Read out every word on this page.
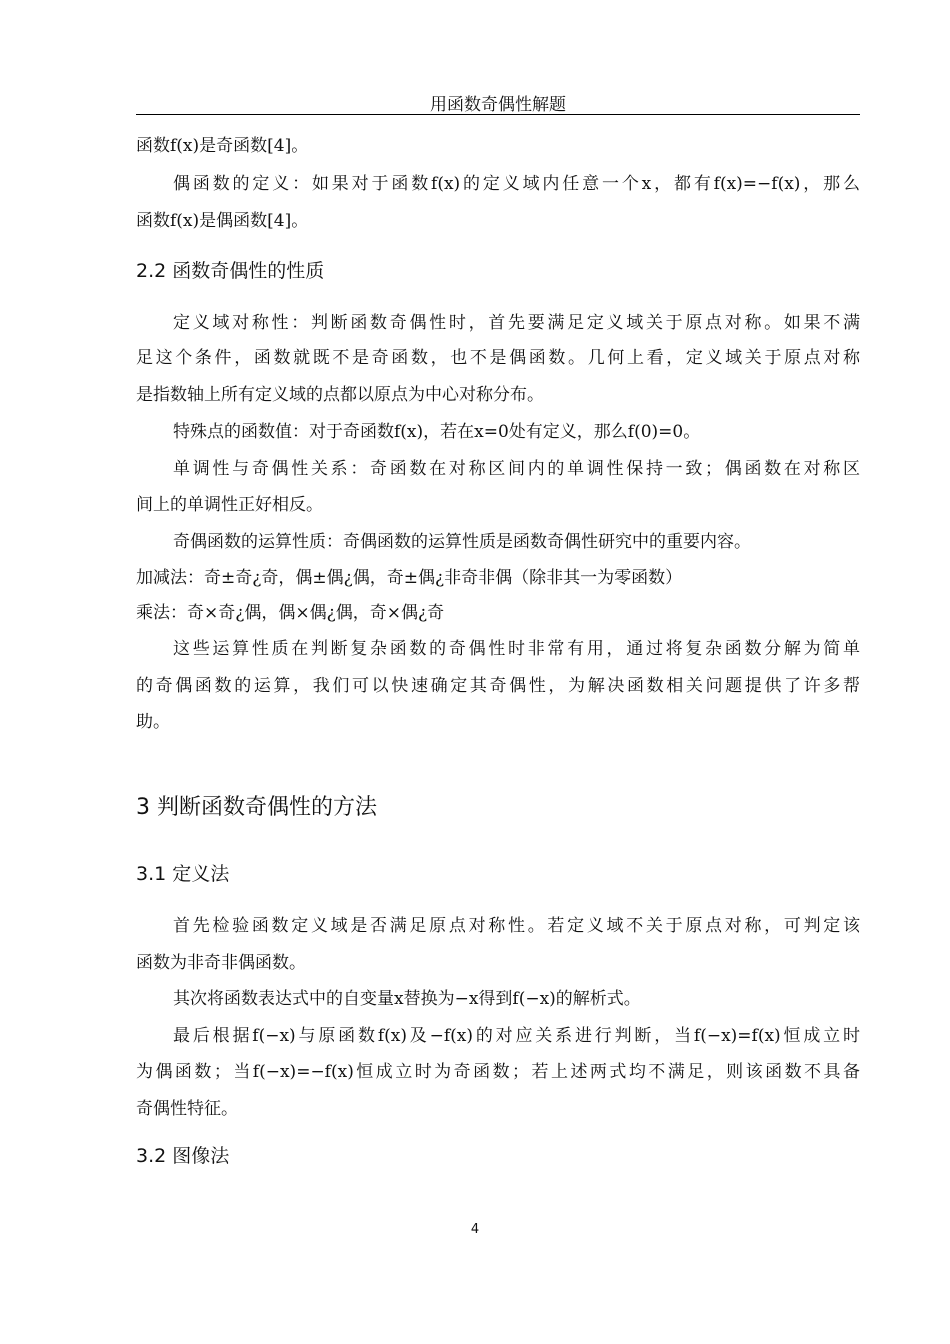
用函数奇偶性解题
函数f(x)是奇函数[4]。
偶函数的定义：如果对于函数f(x)的定义域内任意一个x，都有f(x)=−f(x)，那么
函数f(x)是偶函数[4]。
2.2 函数奇偶性的性质
定义域对称性：判断函数奇偶性时，首先要满足定义域关于原点对称。如果不满
足这个条件，函数就既不是奇函数，也不是偶函数。几何上看，定义域关于原点对称
是指数轴上所有定义域的点都以原点为中心对称分布。
特殊点的函数值：对于奇函数f(x)，若在x=0处有定义，那么f(0)=0。
单调性与奇偶性关系：奇函数在对称区间内的单调性保持一致；偶函数在对称区
间上的单调性正好相反。
奇偶函数的运算性质：奇偶函数的运算性质是函数奇偶性研究中的重要内容。
加减法：奇±奇¿奇，偶±偶¿偶，奇±偶¿非奇非偶（除非其一为零函数）
乘法：奇×奇¿偶，偶×偶¿偶，奇×偶¿奇
这些运算性质在判断复杂函数的奇偶性时非常有用，通过将复杂函数分解为简单
的奇偶函数的运算，我们可以快速确定其奇偶性，为解决函数相关问题提供了许多帮
助。
3 判断函数奇偶性的方法
3.1 定义法
首先检验函数定义域是否满足原点对称性。若定义域不关于原点对称，可判定该
函数为非奇非偶函数。
其次将函数表达式中的自变量x替换为−x得到f(−x)的解析式。
最后根据f(−x)与原函数f(x)及−f(x)的对应关系进行判断，当f(−x)=f(x)恒成立时
为偶函数；当f(−x)=−f(x)恒成立时为奇函数；若上述两式均不满足，则该函数不具备
奇偶性特征。
3.2 图像法
4
